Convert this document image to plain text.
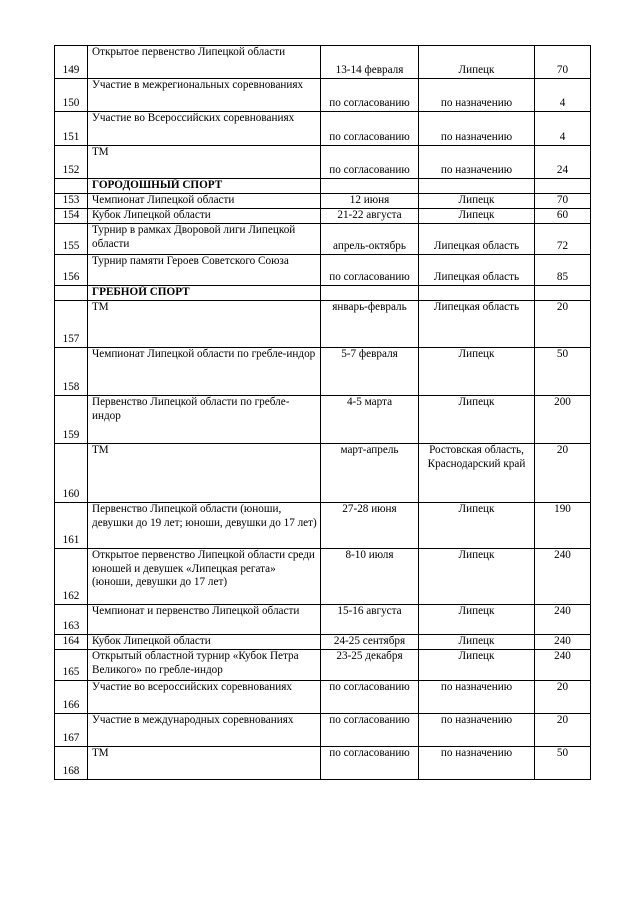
149	Открытое первенство Липецкой области	13-14 февраля	Липецк	70
150	Участие в межрегиональных соревнованиях	по согласованию	по назначению	4
151	Участие во Всероссийских соревнованиях	по согласованию	по назначению	4
152	ТМ	по согласованию	по назначению	24
	ГОРОДОШНЫЙ СПОРТ			
153	Чемпионат Липецкой области	12 июня	Липецк	70
154	Кубок Липецкой области	21-22 августа	Липецк	60
155	Турнир в рамках Дворовой лиги Липецкой области	апрель-октябрь	Липецкая область	72
156	Турнир памяти Героев Советского Союза	по согласованию	Липецкая область	85
	ГРЕБНОЙ СПОРТ			
157	ТМ	январь-февраль	Липецкая область	20
158	Чемпионат Липецкой области по гребле-индор	5-7 февраля	Липецк	50
159	Первенство Липецкой области по гребле-индор	4-5 марта	Липецк	200
160	ТМ	март-апрель	Ростовская область, Краснодарский край	20
161	Первенство Липецкой области (юноши, девушки до 19 лет; юноши, девушки до 17 лет)	27-28 июня	Липецк	190
162	Открытое первенство Липецкой области среди юношей и девушек «Липецкая регата» (юноши, девушки до 17 лет)	8-10 июля	Липецк	240
163	Чемпионат и первенство Липецкой области	15-16 августа	Липецк	240
164	Кубок Липецкой области	24-25 сентября	Липецк	240
165	Открытый областной турнир «Кубок Петра Великого» по гребле-индор	23-25 декабря	Липецк	240
166	Участие во всероссийских соревнованиях	по согласованию	по назначению	20
167	Участие в международных соревнованиях	по согласованию	по назначению	20
168	ТМ	по согласованию	по назначению	50
